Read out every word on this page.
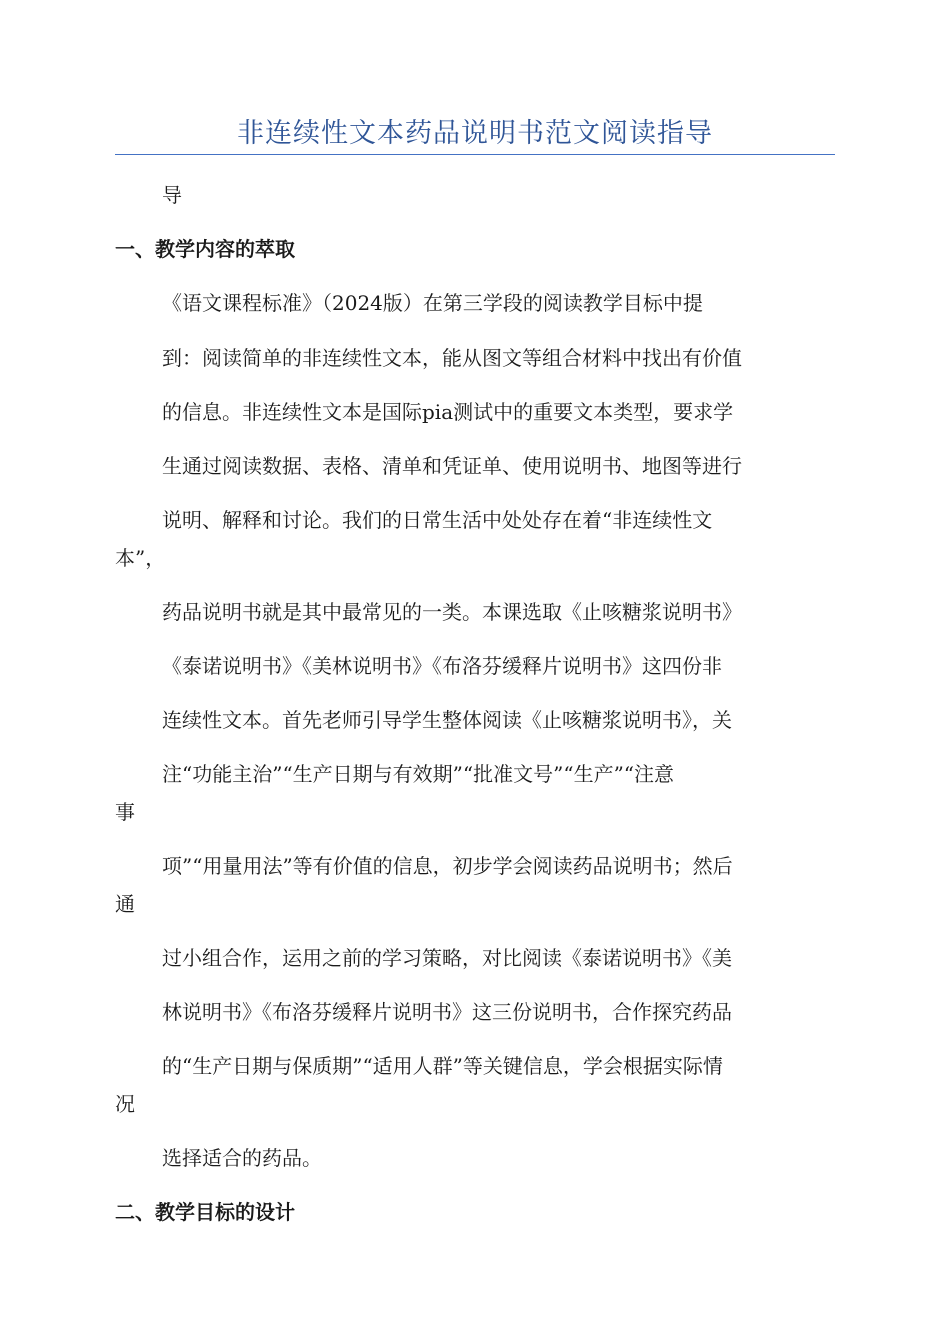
非连续性文本药品说明书范文阅读指导
导
一、教学内容的萃取
《语文课程标准》（2024版）在第三学段的阅读教学目标中提
到：阅读简单的非连续性文本，能从图文等组合材料中找出有价值
的信息。非连续性文本是国际pia测试中的重要文本类型，要求学
生通过阅读数据、表格、清单和凭证单、使用说明书、地图等进行
说明、解释和讨论。我们的日常生活中处处存在着“非连续性文
本”，
药品说明书就是其中最常见的一类。本课选取《止咳糖浆说明书》
《泰诺说明书》《美林说明书》《布洛芬缓释片说明书》这四份非
连续性文本。首先老师引导学生整体阅读《止咳糖浆说明书》，关
注“功能主治”“生产日期与有效期”“批准文号”“生产”“注意
事
项”“用量用法”等有价值的信息，初步学会阅读药品说明书；然后
通
过小组合作，运用之前的学习策略，对比阅读《泰诺说明书》《美
林说明书》《布洛芬缓释片说明书》这三份说明书，合作探究药品
的“生产日期与保质期”“适用人群”等关键信息，学会根据实际情
况
选择适合的药品。
二、教学目标的设计
